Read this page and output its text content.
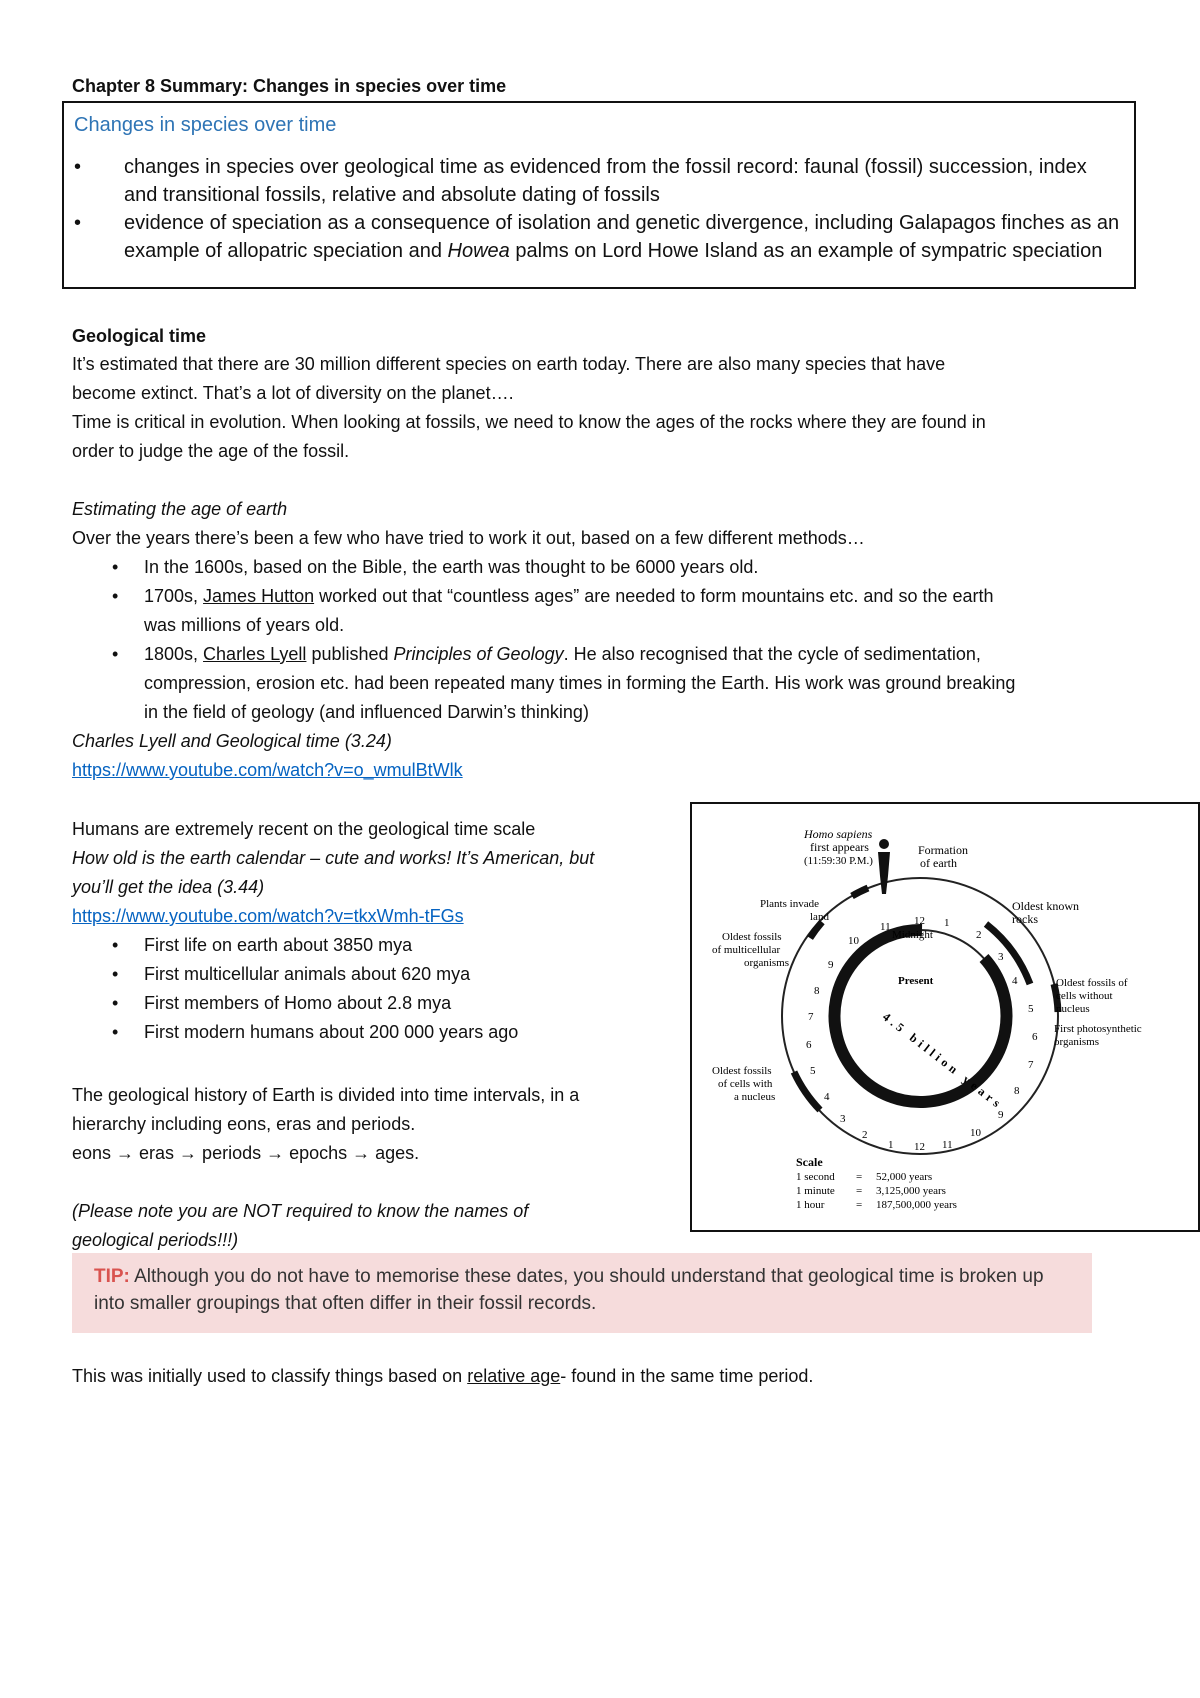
Chapter 8 Summary: Changes in species over time

Changes in species over time
• changes in species over geological time as evidenced from the fossil record: faunal (fossil) succession, index and transitional fossils, relative and absolute dating of fossils
• evidence of speciation as a consequence of isolation and genetic divergence, including Galapagos finches as an example of allopatric speciation and Howea palms on Lord Howe Island as an example of sympatric speciation

Geological time

It’s estimated that there are 30 million different species on earth today. There are also many species that have

become extinct. That’s a lot of diversity on the planet….

Time is critical in evolution. When looking at fossils, we need to know the ages of the rocks where they are found in

order to judge the age of the fossil.

Estimating the age of earth

Over the years there’s been a few who have tried to work it out, based on a few different methods…

• In the 1600s, based on the Bible, the earth was thought to be 6000 years old.
• 1700s, James Hutton worked out that “countless ages” are needed to form mountains etc. and so the earth

was millions of years old.

• 1800s, Charles Lyell published Principles of Geology. He also recognised that the cycle of sedimentation,

compression, erosion etc. had been repeated many times in forming the Earth. His work was ground breaking

in the field of geology (and influenced Darwin’s thinking)

Charles Lyell and Geological time (3.24)

https://www.youtube.com/watch?v=o_wmulBtWlk

Humans are extremely recent on the geological time scale

How old is the earth calendar – cute and works! It’s American, but

you’ll get the idea (3.44)

https://www.youtube.com/watch?v=tkxWmh-tFGs

• First life on earth about 3850 mya
• First multicellular animals about 620 mya
• First members of Homo about 2.8 mya
• First modern humans about 200 000 years ago

The geological history of Earth is divided into time intervals, in a

hierarchy including eons, eras and periods.

eons → eras → periods → epochs → ages.

(Please note you are NOT required to know the names of

geological periods!!!)

Homo sapiens
first appears
(11:59:30 P.M.)
Formation
of earth
Plants invade
land
Oldest known
rocks
Oldest fossils
of multicellular
organisms
Oldest fossils of
cells without
nucleus
First photosynthetic
organisms
Oldest fossils
of cells with
a nucleus
Midnight
Present
4.5 billion years
12 1
2
3
4
5
6
7
8
9
10
11
12
1
2
3
4
5
6
7
8
9
10
11
Scale
1 second = 52,000 years
1 minute = 3,125,000 years
1 hour	= 187,500,000 years
TIP: Although you do not have to memorise these dates, you should understand that geological time is broken up into smaller groupings that often differ in their fossil records.

This was initially used to classify things based on relative age- found in the same time period.
